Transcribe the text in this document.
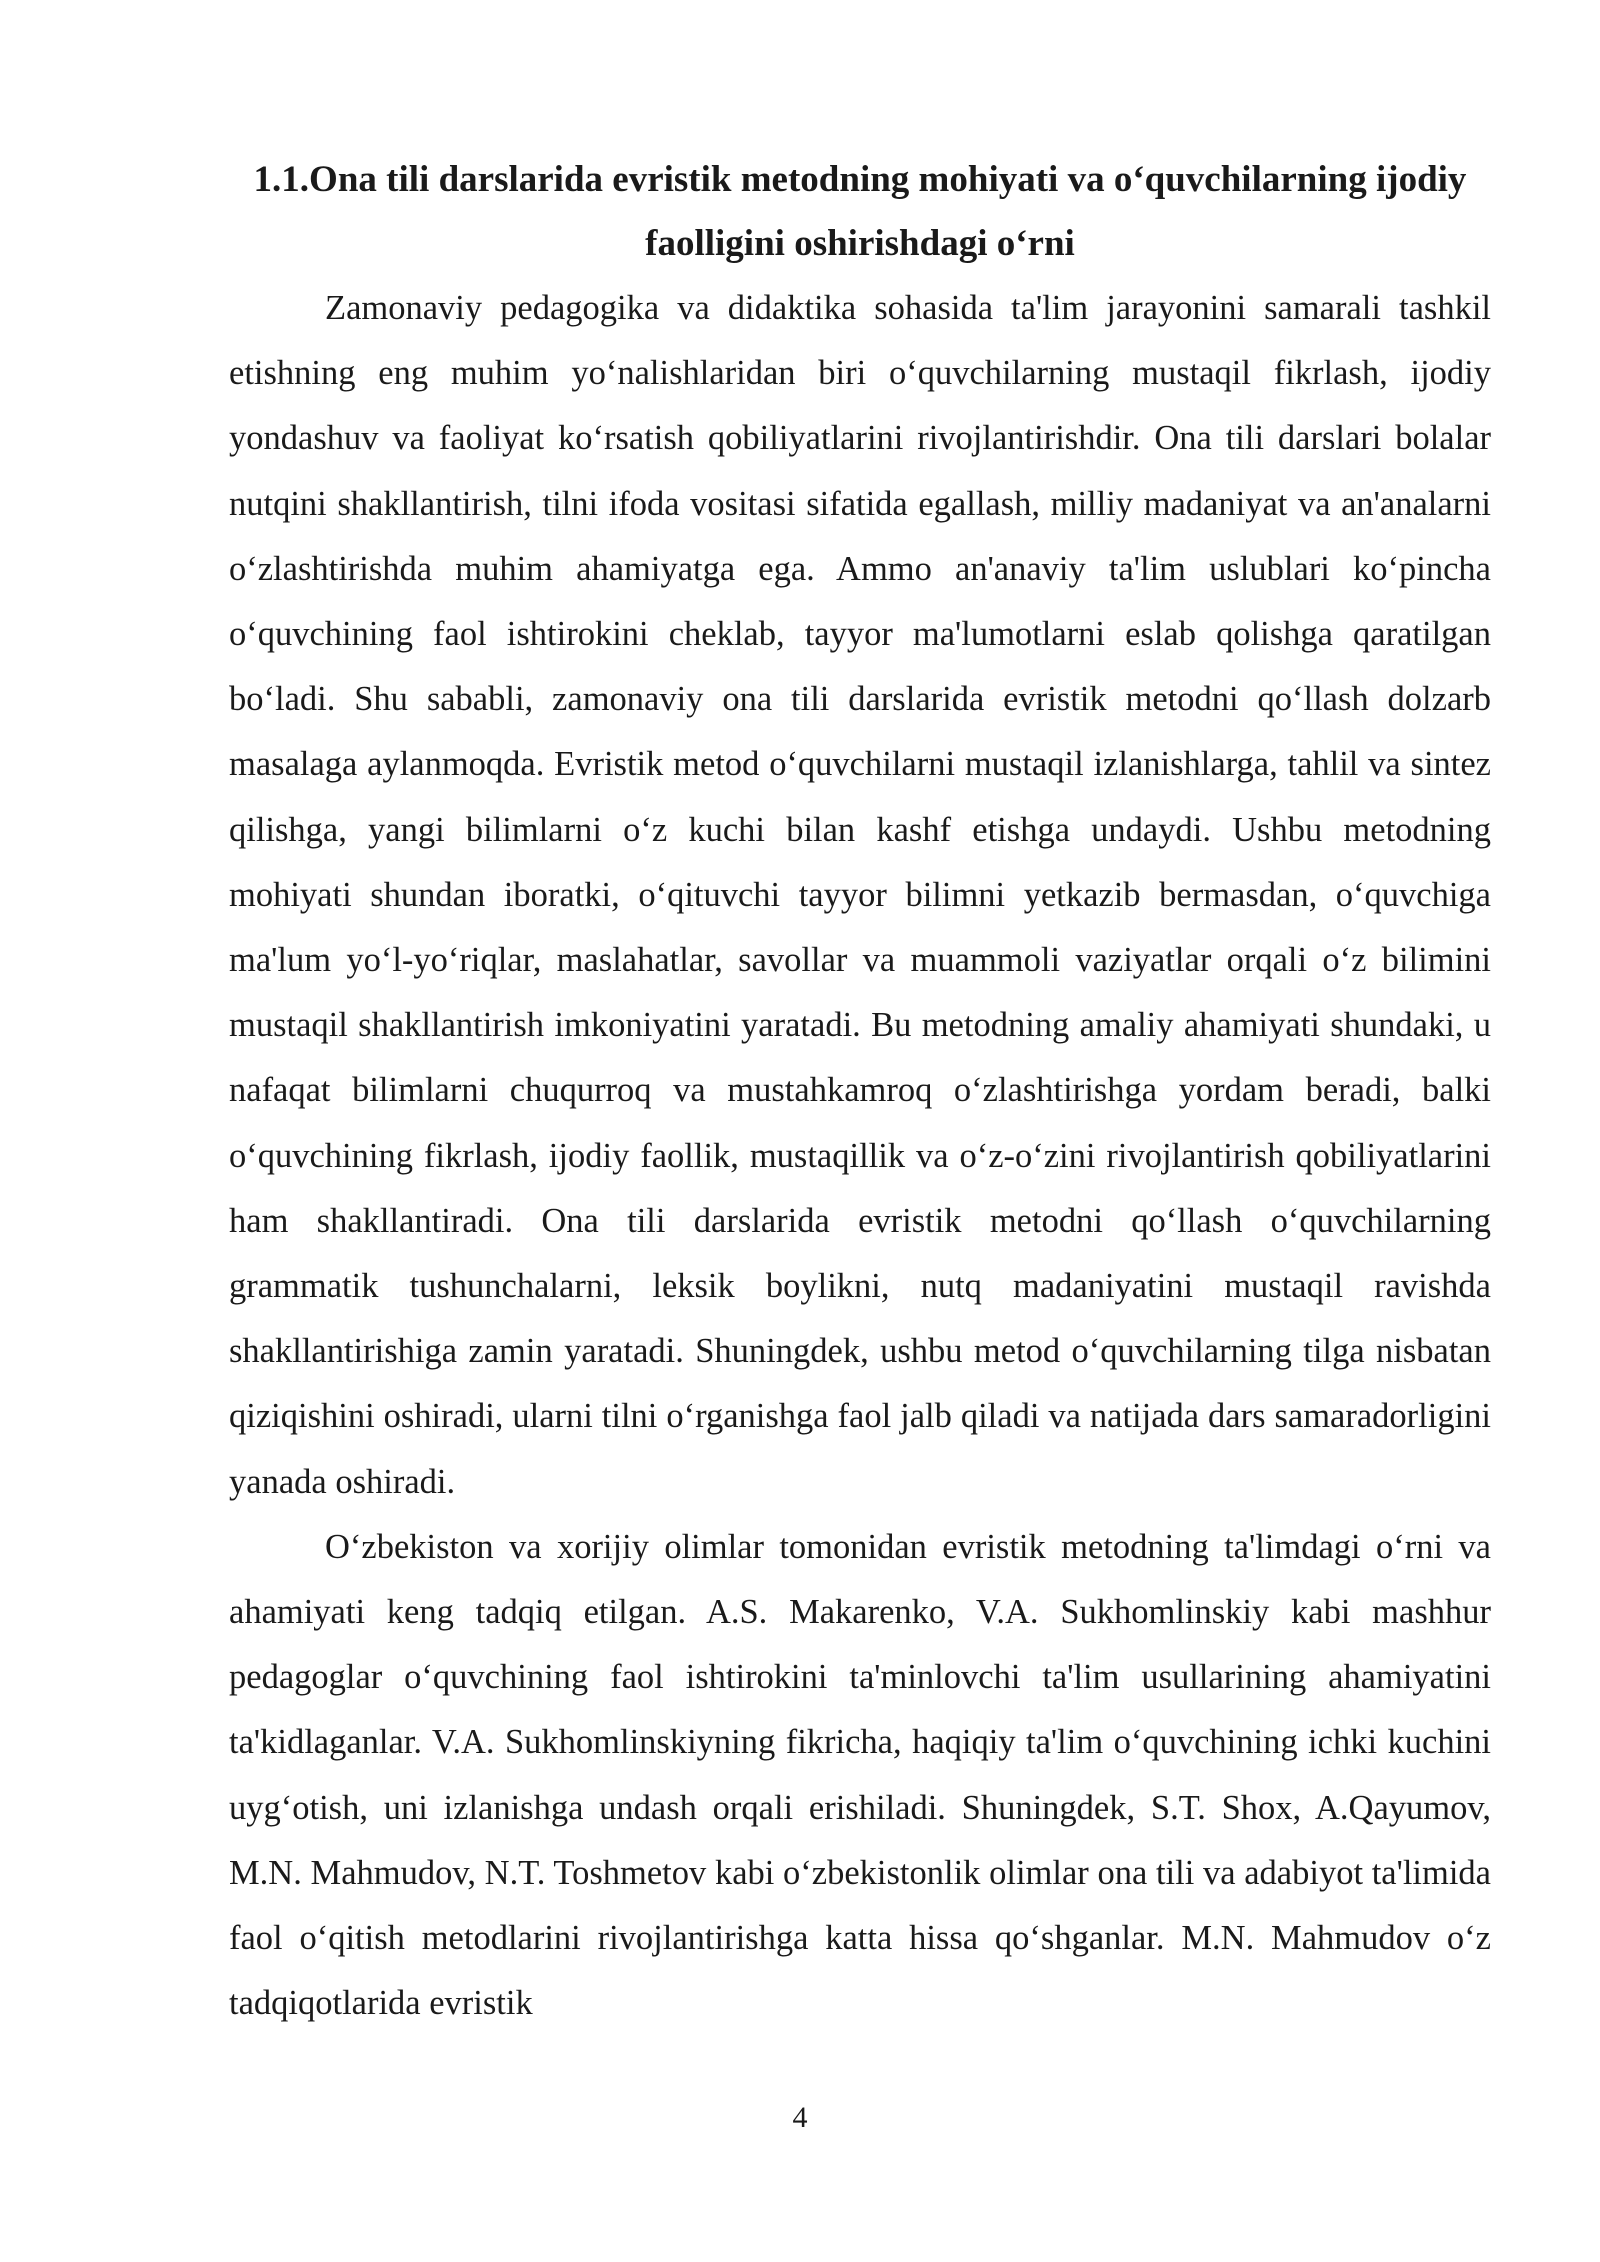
1.1.Ona tili darslarida evristik metodning mohiyati va o‘quvchilarning ijodiy
faolligini oshirishdagi o‘rni

Zamonaviy pedagogika va didaktika sohasida ta'lim jarayonini samarali tashkil etishning eng muhim yo‘nalishlaridan biri o‘quvchilarning mustaqil fikrlash, ijodiy yondashuv va faoliyat ko‘rsatish qobiliyatlarini rivojlantirishdir. Ona tili darslari bolalar nutqini shakllantirish, tilni ifoda vositasi sifatida egallash, milliy madaniyat va an'analarni o‘zlashtirishda muhim ahamiyatga ega. Ammo an'anaviy ta'lim uslublari ko‘pincha o‘quvchining faol ishtirokini cheklab, tayyor ma'lumotlarni eslab qolishga qaratilgan bo‘ladi. Shu sababli, zamonaviy ona tili darslarida evristik metodni qo‘llash dolzarb masalaga aylanmoqda. Evristik metod o‘quvchilarni mustaqil izlanishlarga, tahlil va sintez qilishga, yangi bilimlarni o‘z kuchi bilan kashf etishga undaydi. Ushbu metodning mohiyati shundan iboratki, o‘qituvchi tayyor bilimni yetkazib bermasdan, o‘quvchiga ma'lum yo‘l-yo‘riqlar, maslahatlar, savollar va muammoli vaziyatlar orqali o‘z bilimini mustaqil shakllantirish imkoniyatini yaratadi. Bu metodning amaliy ahamiyati shundaki, u nafaqat bilimlarni chuqurroq va mustahkamroq o‘zlashtirishga yordam beradi, balki o‘quvchining fikrlash, ijodiy faollik, mustaqillik va o‘z-o‘zini rivojlantirish qobiliyatlarini ham shakllantiradi. Ona tili darslarida evristik metodni qo‘llash o‘quvchilarning grammatik tushunchalarni, leksik boylikni, nutq madaniyatini mustaqil ravishda shakllantirishiga zamin yaratadi. Shuningdek, ushbu metod o‘quvchilarning tilga nisbatan qiziqishini oshiradi, ularni tilni o‘rganishga faol jalb qiladi va natijada dars samaradorligini yanada oshiradi.

O‘zbekiston va xorijiy olimlar tomonidan evristik metodning ta'limdagi o‘rni va ahamiyati keng tadqiq etilgan. A.S. Makarenko, V.A. Sukhomlinskiy kabi mashhur pedagoglar o‘quvchining faol ishtirokini ta'minlovchi ta'lim usullarining ahamiyatini ta'kidlaganlar. V.A. Sukhomlinskiyning fikricha, haqiqiy ta'lim o‘quvchining ichki kuchini uyg‘otish, uni izlanishga undash orqali erishiladi. Shuningdek, S.T. Shox, A.Qayumov, M.N. Mahmudov, N.T. Toshmetov kabi o‘zbekistonlik olimlar ona tili va adabiyot ta'limida faol o‘qitish metodlarini rivojlantirishga katta hissa qo‘shganlar. M.N. Mahmudov o‘z tadqiqotlarida evristik

4
